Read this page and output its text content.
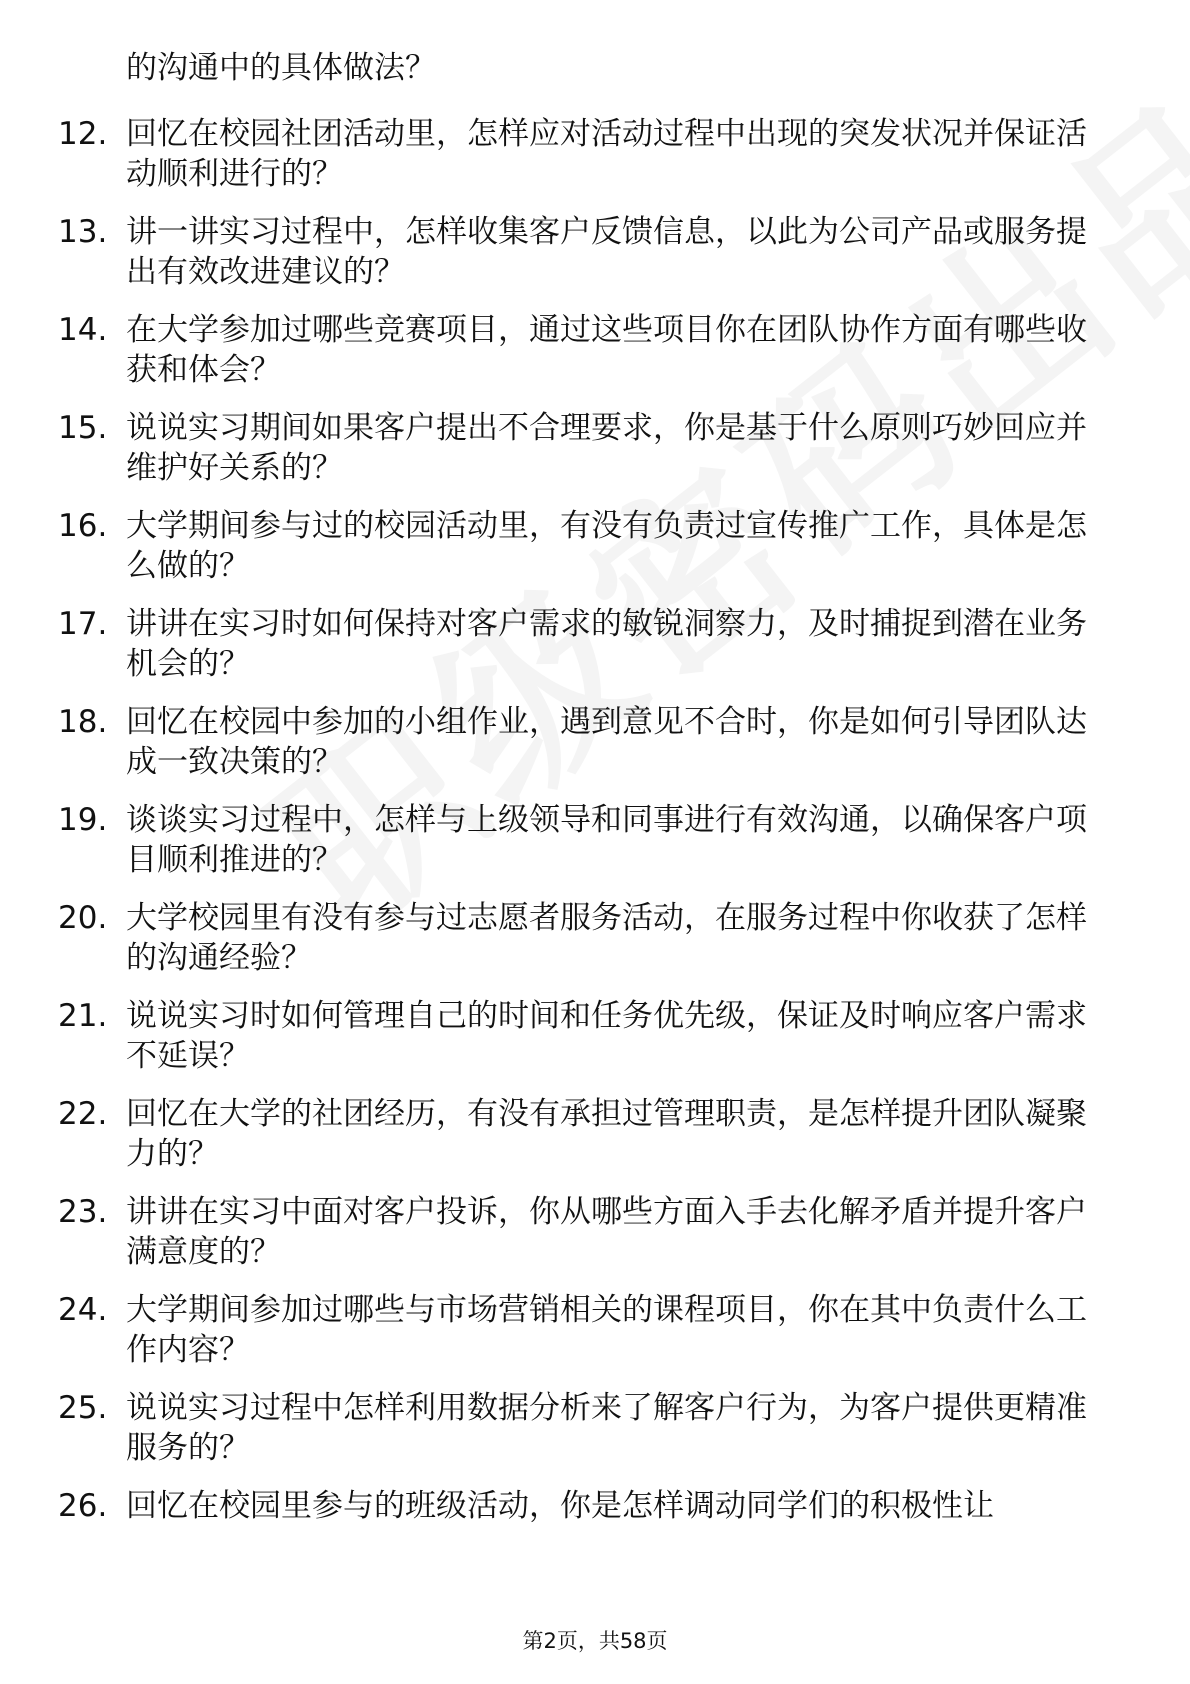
的沟通中的具体做法？
12. 回忆在校园社团活动里，怎样应对活动过程中出现的突发状况并保证活动顺利进行的？
13. 讲一讲实习过程中，怎样收集客户反馈信息，以此为公司产品或服务提出有效改进建议的？
14. 在大学参加过哪些竞赛项目，通过这些项目你在团队协作方面有哪些收获和体会？
15. 说说实习期间如果客户提出不合理要求，你是基于什么原则巧妙回应并维护好关系的？
16. 大学期间参与过的校园活动里，有没有负责过宣传推广工作，具体是怎么做的？
17. 讲讲在实习时如何保持对客户需求的敏锐洞察力，及时捕捉到潜在业务机会的？
18. 回忆在校园中参加的小组作业，遇到意见不合时，你是如何引导团队达成一致决策的？
19. 谈谈实习过程中，怎样与上级领导和同事进行有效沟通，以确保客户项目顺利推进的？
20. 大学校园里有没有参与过志愿者服务活动，在服务过程中你收获了怎样的沟通经验？
21. 说说实习时如何管理自己的时间和任务优先级，保证及时响应客户需求不延误？
22. 回忆在大学的社团经历，有没有承担过管理职责，是怎样提升团队凝聚力的？
23. 讲讲在实习中面对客户投诉，你从哪些方面入手去化解矛盾并提升客户满意度的？
24. 大学期间参加过哪些与市场营销相关的课程项目，你在其中负责什么工作内容？
25. 说说实习过程中怎样利用数据分析来了解客户行为，为客户提供更精准服务的？
26. 回忆在校园里参与的班级活动，你是怎样调动同学们的积极性让
第2页，共58页
